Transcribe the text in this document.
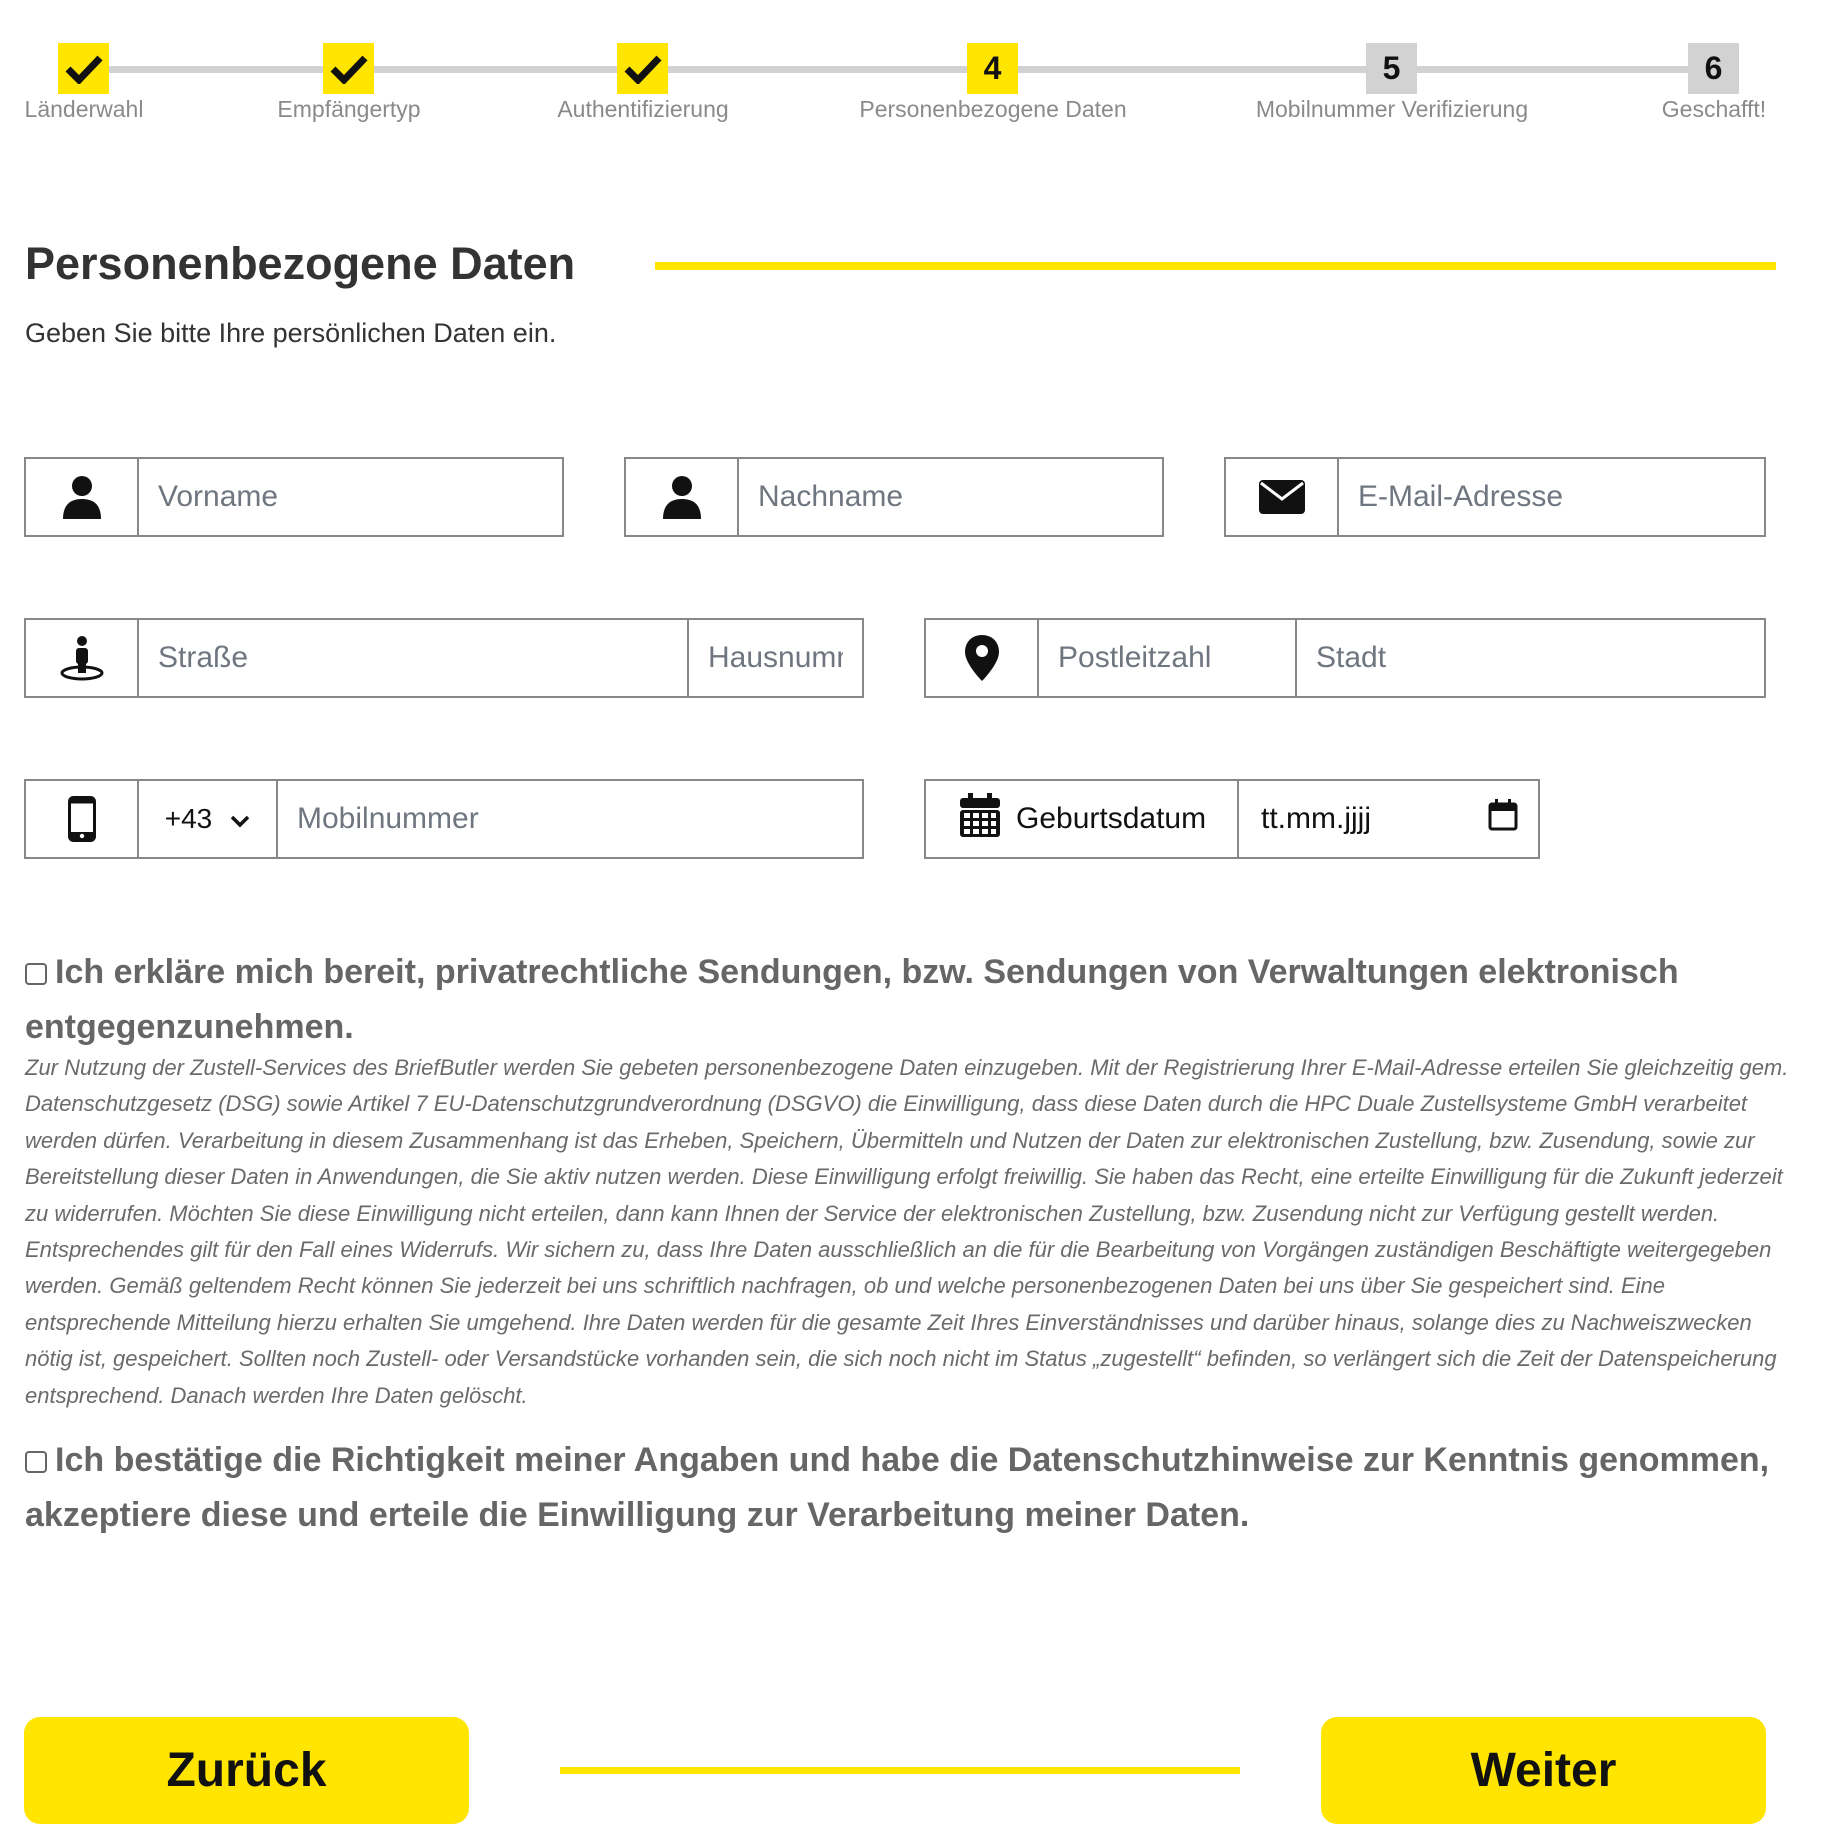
Länderwahl	Empfängertyp	Authentifizierung
4
Personenbezogene Daten
5
Mobilnummer Verifizierung
6
Geschafft!
Personenbezogene Daten
Geben Sie bitte Ihre persönlichen Daten ein.
Vorname
Nachname
E-Mail-Adresse
Straße
Hausnumme
Postleitzahl
Stadt
+43
Mobilnummer	Geburtsdatum tt.mm.jjjj
Ich erkläre mich bereit, privatrechtliche Sendungen, bzw. Sendungen von Verwaltungen elektronisch entgegenzunehmen.
Zur Nutzung der Zustell-Services des BriefButler werden Sie gebeten personenbezogene Daten einzugeben. Mit der Registrierung Ihrer E-Mail-Adresse erteilen Sie gleichzeitig gem. Datenschutzgesetz (DSG) sowie Artikel 7 EU-Datenschutzgrundverordnung (DSGVO) die Einwilligung, dass diese Daten durch die HPC Duale Zustellsysteme GmbH verarbeitet werden dürfen. Verarbeitung in diesem Zusammenhang ist das Erheben, Speichern, Übermitteln und Nutzen der Daten zur elektronischen Zustellung, bzw. Zusendung, sowie zur Bereitstellung dieser Daten in Anwendungen, die Sie aktiv nutzen werden. Diese Einwilligung erfolgt freiwillig. Sie haben das Recht, eine erteilte Einwilligung für die Zukunft jederzeit zu widerrufen. Möchten Sie diese Einwilligung nicht erteilen, dann kann Ihnen der Service der elektronischen Zustellung, bzw. Zusendung nicht zur Verfügung gestellt werden. Entsprechendes gilt für den Fall eines Widerrufs. Wir sichern zu, dass Ihre Daten ausschließlich an die für die Bearbeitung von Vorgängen zuständigen Beschäftigte weitergegeben werden. Gemäß geltendem Recht können Sie jederzeit bei uns schriftlich nachfragen, ob und welche personenbezogenen Daten bei uns über Sie gespeichert sind. Eine entsprechende Mitteilung hierzu erhalten Sie umgehend. Ihre Daten werden für die gesamte Zeit Ihres Einverständnisses und darüber hinaus, solange dies zu Nachweiszwecken nötig ist, gespeichert. Sollten noch Zustell- oder Versandstücke vorhanden sein, die sich noch nicht im Status „zugestellt“ befinden, so verlängert sich die Zeit der Datenspeicherung entsprechend. Danach werden Ihre Daten gelöscht.
Ich bestätige die Richtigkeit meiner Angaben und habe die Datenschutzhinweise zur Kenntnis genommen, akzeptiere diese und erteile die Einwilligung zur Verarbeitung meiner Daten.
Zurück	Weiter
